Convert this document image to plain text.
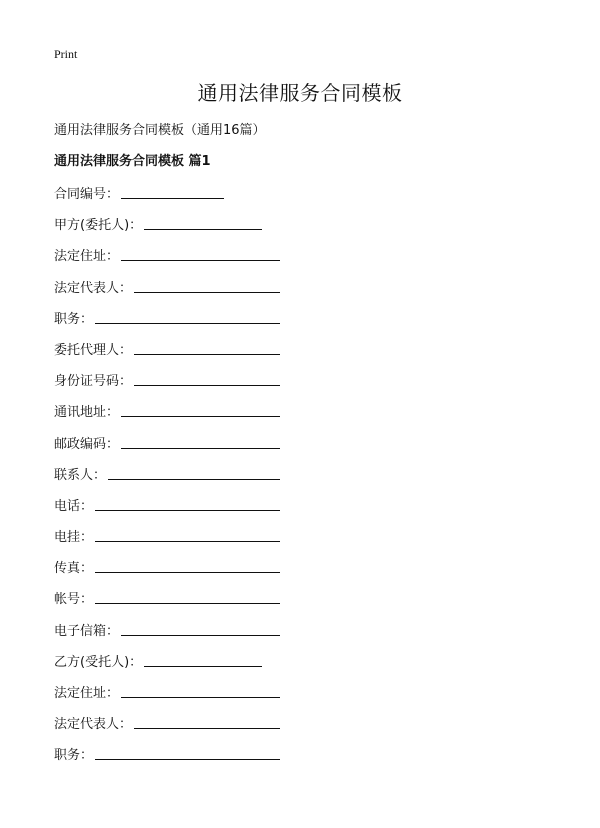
Print
通用法律服务合同模板
通用法律服务合同模板（通用16篇）
通用法律服务合同模板 篇1
合同编号：
甲方(委托人)：
法定住址：
法定代表人：
职务：
委托代理人：
身份证号码：
通讯地址：
邮政编码：
联系人：
电话：
电挂：
传真：
帐号：
电子信箱：
乙方(受托人)：
法定住址：
法定代表人：
职务：
